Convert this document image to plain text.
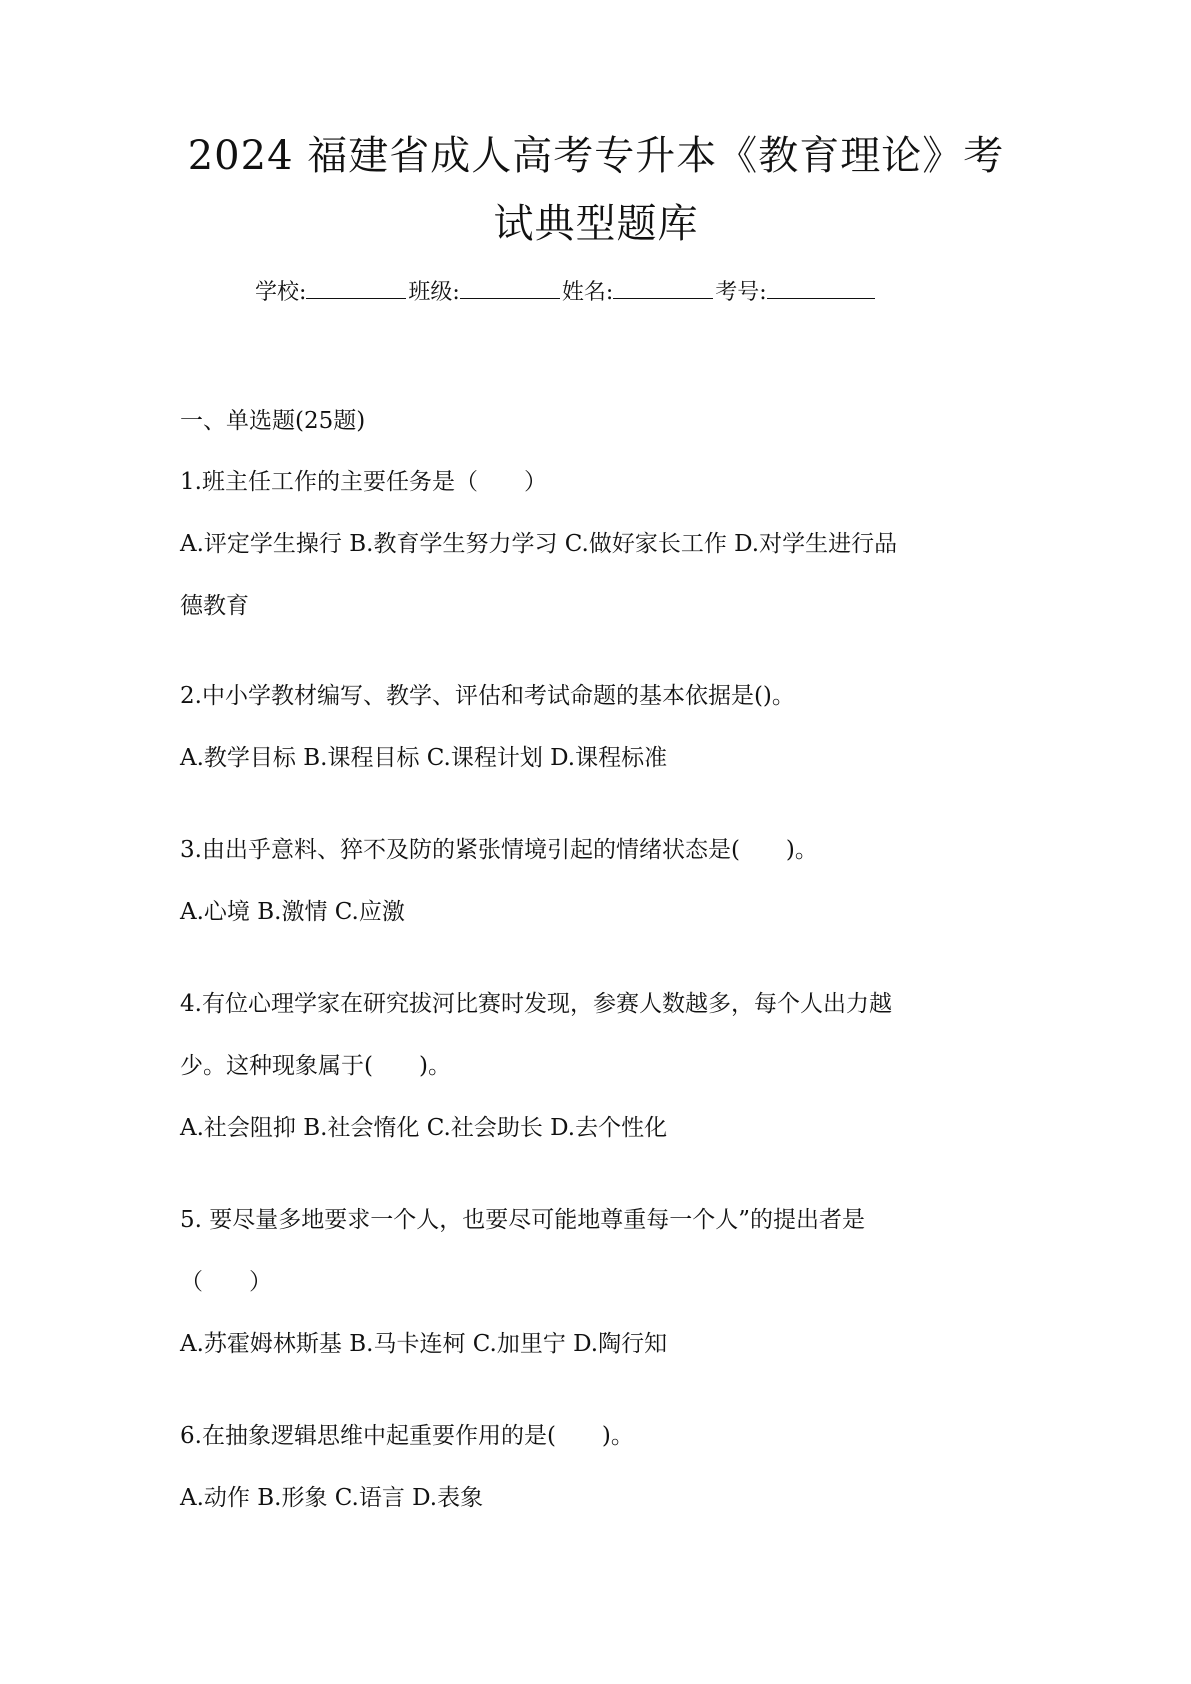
2024 福建省成人高考专升本《教育理论》考
试典型题库
学校:	班级:	姓名:	考号:
一、单选题(25题)
1.班主任工作的主要任务是（　　）
A.评定学生操行 B.教育学生努力学习 C.做好家长工作 D.对学生进行品
德教育
2.中小学教材编写、教学、评估和考试命题的基本依据是()。
A.教学目标 B.课程目标 C.课程计划 D.课程标准
3.由出乎意料、猝不及防的紧张情境引起的情绪状态是(　　)。
A.心境 B.激情 C.应激
4.有位心理学家在研究拔河比赛时发现，参赛人数越多，每个人出力越
少。这种现象属于(　　)。
A.社会阻抑 B.社会惰化 C.社会助长 D.去个性化
5. 要尽量多地要求一个人，也要尽可能地尊重每一个人”的提出者是
（　　）
A.苏霍姆林斯基 B.马卡连柯 C.加里宁 D.陶行知
6.在抽象逻辑思维中起重要作用的是(　　)。
A.动作 B.形象 C.语言 D.表象
